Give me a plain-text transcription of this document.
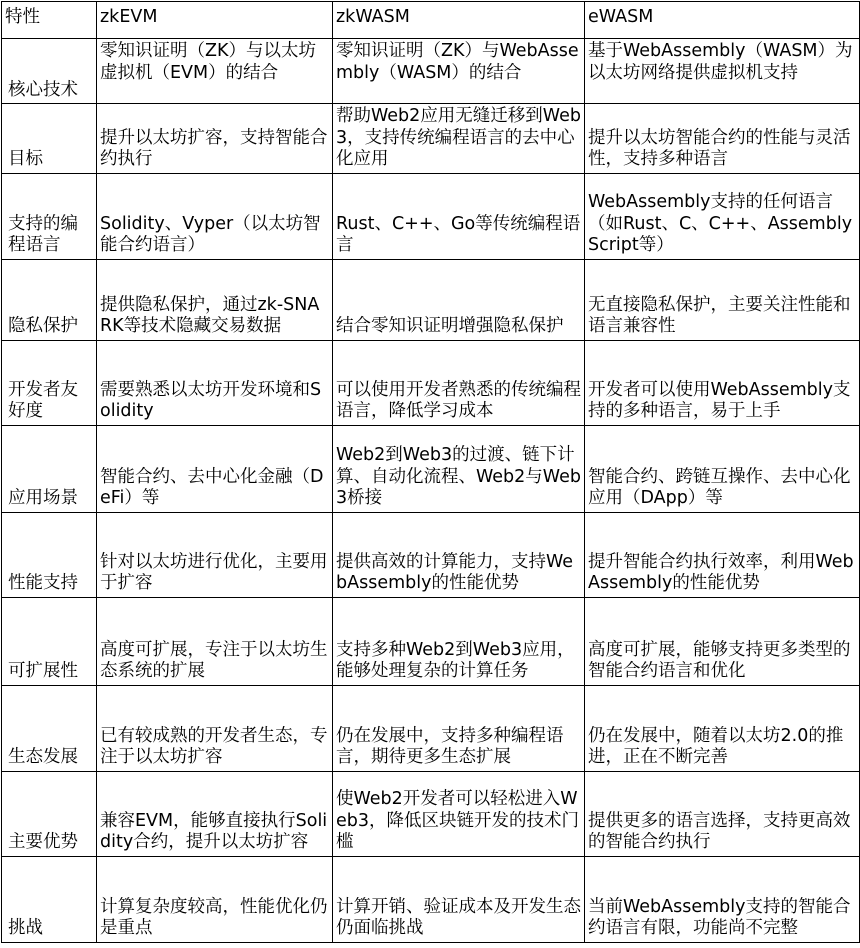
特性	zkEVM	zkWASM	eWASM

核心技术	零知识证明（ZK）与以太坊虚拟机（EVM）的结合	零知识证明（ZK）与WebAssembly（WASM）的结合	基于WebAssembly（WASM）为以太坊网络提供虚拟机支持

目标	提升以太坊扩容，支持智能合约执行	帮助Web2应用无缝迁移到Web3，支持传统编程语言的去中心化应用	提升以太坊智能合约的性能与灵活性，支持多种语言

支持的编程语言	Solidity、Vyper（以太坊智能合约语言）	Rust、C++、Go等传统编程语言	WebAssembly支持的任何语言（如Rust、C、C++、AssemblyScript等）

隐私保护	提供隐私保护，通过zk-SNARK等技术隐藏交易数据	结合零知识证明增强隐私保护	无直接隐私保护，主要关注性能和语言兼容性

开发者友好度	需要熟悉以太坊开发环境和Solidity	可以使用开发者熟悉的传统编程语言，降低学习成本	开发者可以使用WebAssembly支持的多种语言，易于上手

应用场景	智能合约、去中心化金融（DeFi）等	Web2到Web3的过渡、链下计算、自动化流程、Web2与Web3桥接	智能合约、跨链互操作、去中心化应用（DApp）等

性能支持	针对以太坊进行优化，主要用于扩容	提供高效的计算能力，支持WebAssembly的性能优势	提升智能合约执行效率，利用WebAssembly的性能优势

可扩展性	高度可扩展，专注于以太坊生态系统的扩展	支持多种Web2到Web3应用，能够处理复杂的计算任务	高度可扩展，能够支持更多类型的智能合约语言和优化

生态发展	已有较成熟的开发者生态，专注于以太坊扩容	仍在发展中，支持多种编程语言，期待更多生态扩展	仍在发展中，随着以太坊2.0的推进，正在不断完善

主要优势	兼容EVM，能够直接执行Solidity合约，提升以太坊扩容	使Web2开发者可以轻松进入Web3，降低区块链开发的技术门槛	提供更多的语言选择，支持更高效的智能合约执行

挑战	计算复杂度较高，性能优化仍是重点	计算开销、验证成本及开发生态仍面临挑战	当前WebAssembly支持的智能合约语言有限，功能尚不完整
